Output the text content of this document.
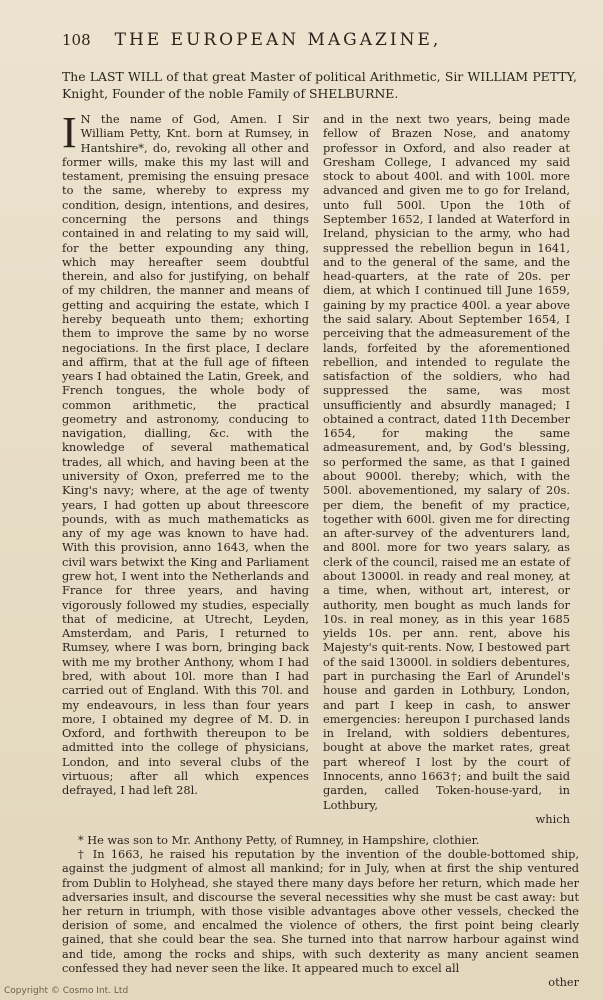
108 THE EUROPEAN MAGAZINE,
The LAST WILL of that great Master of political Arithmetic, Sir WILLIAM PETTY, Knight, Founder of the noble Family of SHELBURNE.

I N the name of God, Amen. I Sir William Petty, Knt. born at Rumsey, in Hantshire*, do, revoking all other and former wills, make this my last will and testament, premising the ensuing presace to the same, whereby to express my condition, design, intentions, and desires, concerning the persons and things contained in and relating to my said will, for the better expounding any thing, which may hereafter seem doubtful therein, and also for justifying, on behalf of my children, the manner and means of getting and acquiring the estate, which I hereby bequeath unto them; exhorting them to improve the same by no worse negociations. In the first place, I declare and affirm, that at the full age of fifteen years I had obtained the Latin, Greek, and French tongues, the whole body of common arithmetic, the practical geometry and astronomy, conducing to navigation, dialling, &c. with the knowledge of several mathematical trades, all which, and having been at the university of Oxon, preferred me to the King's navy; where, at the age of twenty years, I had gotten up about threescore pounds, with as much mathematicks as any of my age was known to have had. With this provision, anno 1643, when the civil wars betwixt the King and Parliament grew hot, I went into the Netherlands and France for three years, and having vigorously followed my studies, especially that of medicine, at Utrecht, Leyden, Amsterdam, and Paris, I returned to Rumsey, where I was born, bringing back with me my brother Anthony, whom I had bred, with about 10l. more than I had carried out of England. With this 70l. and my endeavours, in less than four years more, I obtained my degree of M. D. in Oxford, and forthwith thereupon to be admitted into the college of physicians, London, and into several clubs of the virtuous; after all which expences defrayed, I had left 28l.

and in the next two years, being made fellow of Brazen Nose, and anatomy professor in Oxford, and also reader at Gresham College, I advanced my said stock to about 400l. and with 100l. more advanced and given me to go for Ireland, unto full 500l. Upon the 10th of September 1652, I landed at Waterford in Ireland, physician to the army, who had suppressed the rebellion begun in 1641, and to the general of the same, and the head-quarters, at the rate of 20s. per diem, at which I continued till June 1659, gaining by my practice 400l. a year above the said salary. About September 1654, I perceiving that the admeasurement of the lands, forfeited by the aforementioned rebellion, and intended to regulate the satisfaction of the soldiers, who had suppressed the same, was most unsufficiently and absurdly managed; I obtained a contract, dated 11th December 1654, for making the same admeasurement, and, by God's blessing, so performed the same, as that I gained about 9000l. thereby; which, with the 500l. abovementioned, my salary of 20s. per diem, the benefit of my practice, together with 600l. given me for directing an after-survey of the adventurers land, and 800l. more for two years salary, as clerk of the council, raised me an estate of about 13000l. in ready and real money, at a time, when, without art, interest, or authority, men bought as much lands for 10s. in real money, as in this year 1685 yields 10s. per ann. rent, above his Majesty's quit-rents. Now, I bestowed part of the said 13000l. in soldiers debentures, part in purchasing the Earl of Arundel's house and garden in Lothbury, London, and part I keep in cash, to answer emergencies: hereupon I purchased lands in Ireland, with soldiers debentures, bought at above the market rates, great part whereof I lost by the court of Innocents, anno 1663†; and built the said garden, called Token-house-yard, in Lothbury,

which

* He was son to Mr. Anthony Petty, of Rumney, in Hampshire, clothier.

† In 1663, he raised his reputation by the invention of the double-bottomed ship, against the judgment of almost all mankind; for in July, when at first the ship ventured from Dublin to Holyhead, she stayed there many days before her return, which made her adversaries insult, and discourse the several necessities why she must be cast away: but her return in triumph, with those visible advantages above other vessels, checked the derision of some, and encalmed the violence of others, the first point being clearly gained, that she could bear the sea. She turned into that narrow harbour against wind and tide, among the rocks and ships, with such dexterity as many ancient seamen confessed they had never seen the like. It appeared much to excel all

other
Copyright © Cosmo Int. Ltd
